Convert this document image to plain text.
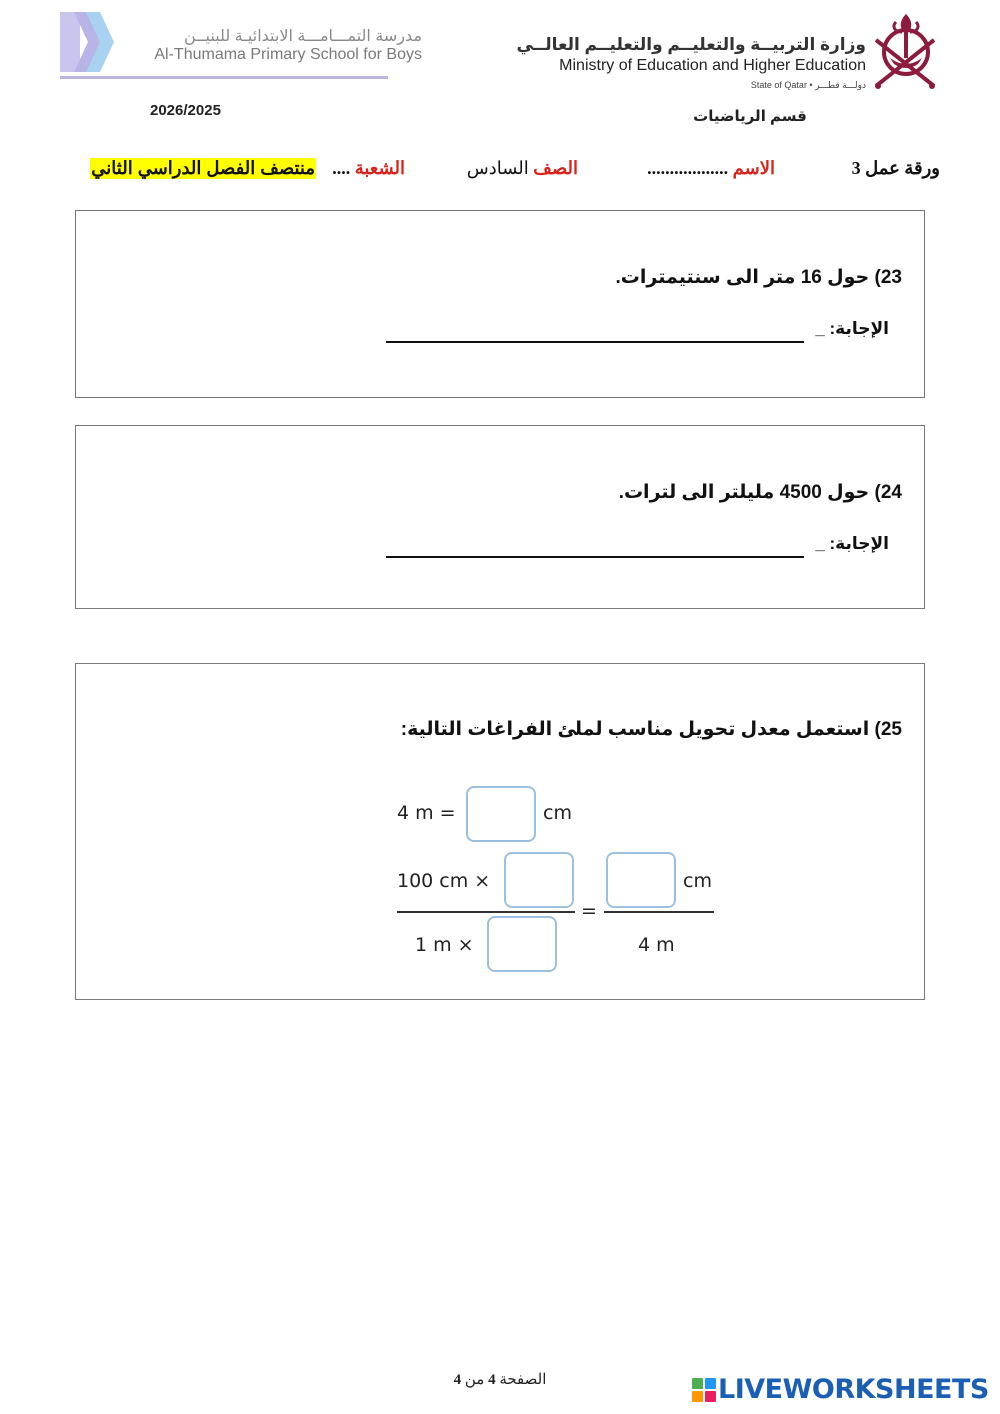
مدرسة التمـــامـــة الابتدائيـة للبنيــن
Al-Thumama Primary School for Boys
2026/2025
وزارة التربيــة والتعليــم والتعليــم العالــي
Ministry of Education and Higher Education
State of Qatar • دولـــة قطـــر
قسم الرياضيات
ورقة عمل 3
الاسم ..................
الصف السادس
الشعبة ....
منتصف الفصل الدراسي الثاني
23) حول 16 متر الى سنتيمترات.
الإجابة: _
24) حول 4500 مليلتر الى لترات.
الإجابة: _
25) استعمل معدل تحويل مناسب لملئ الفراغات التالية:
4 m =	cm
100 cm ×
1 m ×
=
cm
4 m
الصفحة 4 من 4	LIVEWORKSHEETS
